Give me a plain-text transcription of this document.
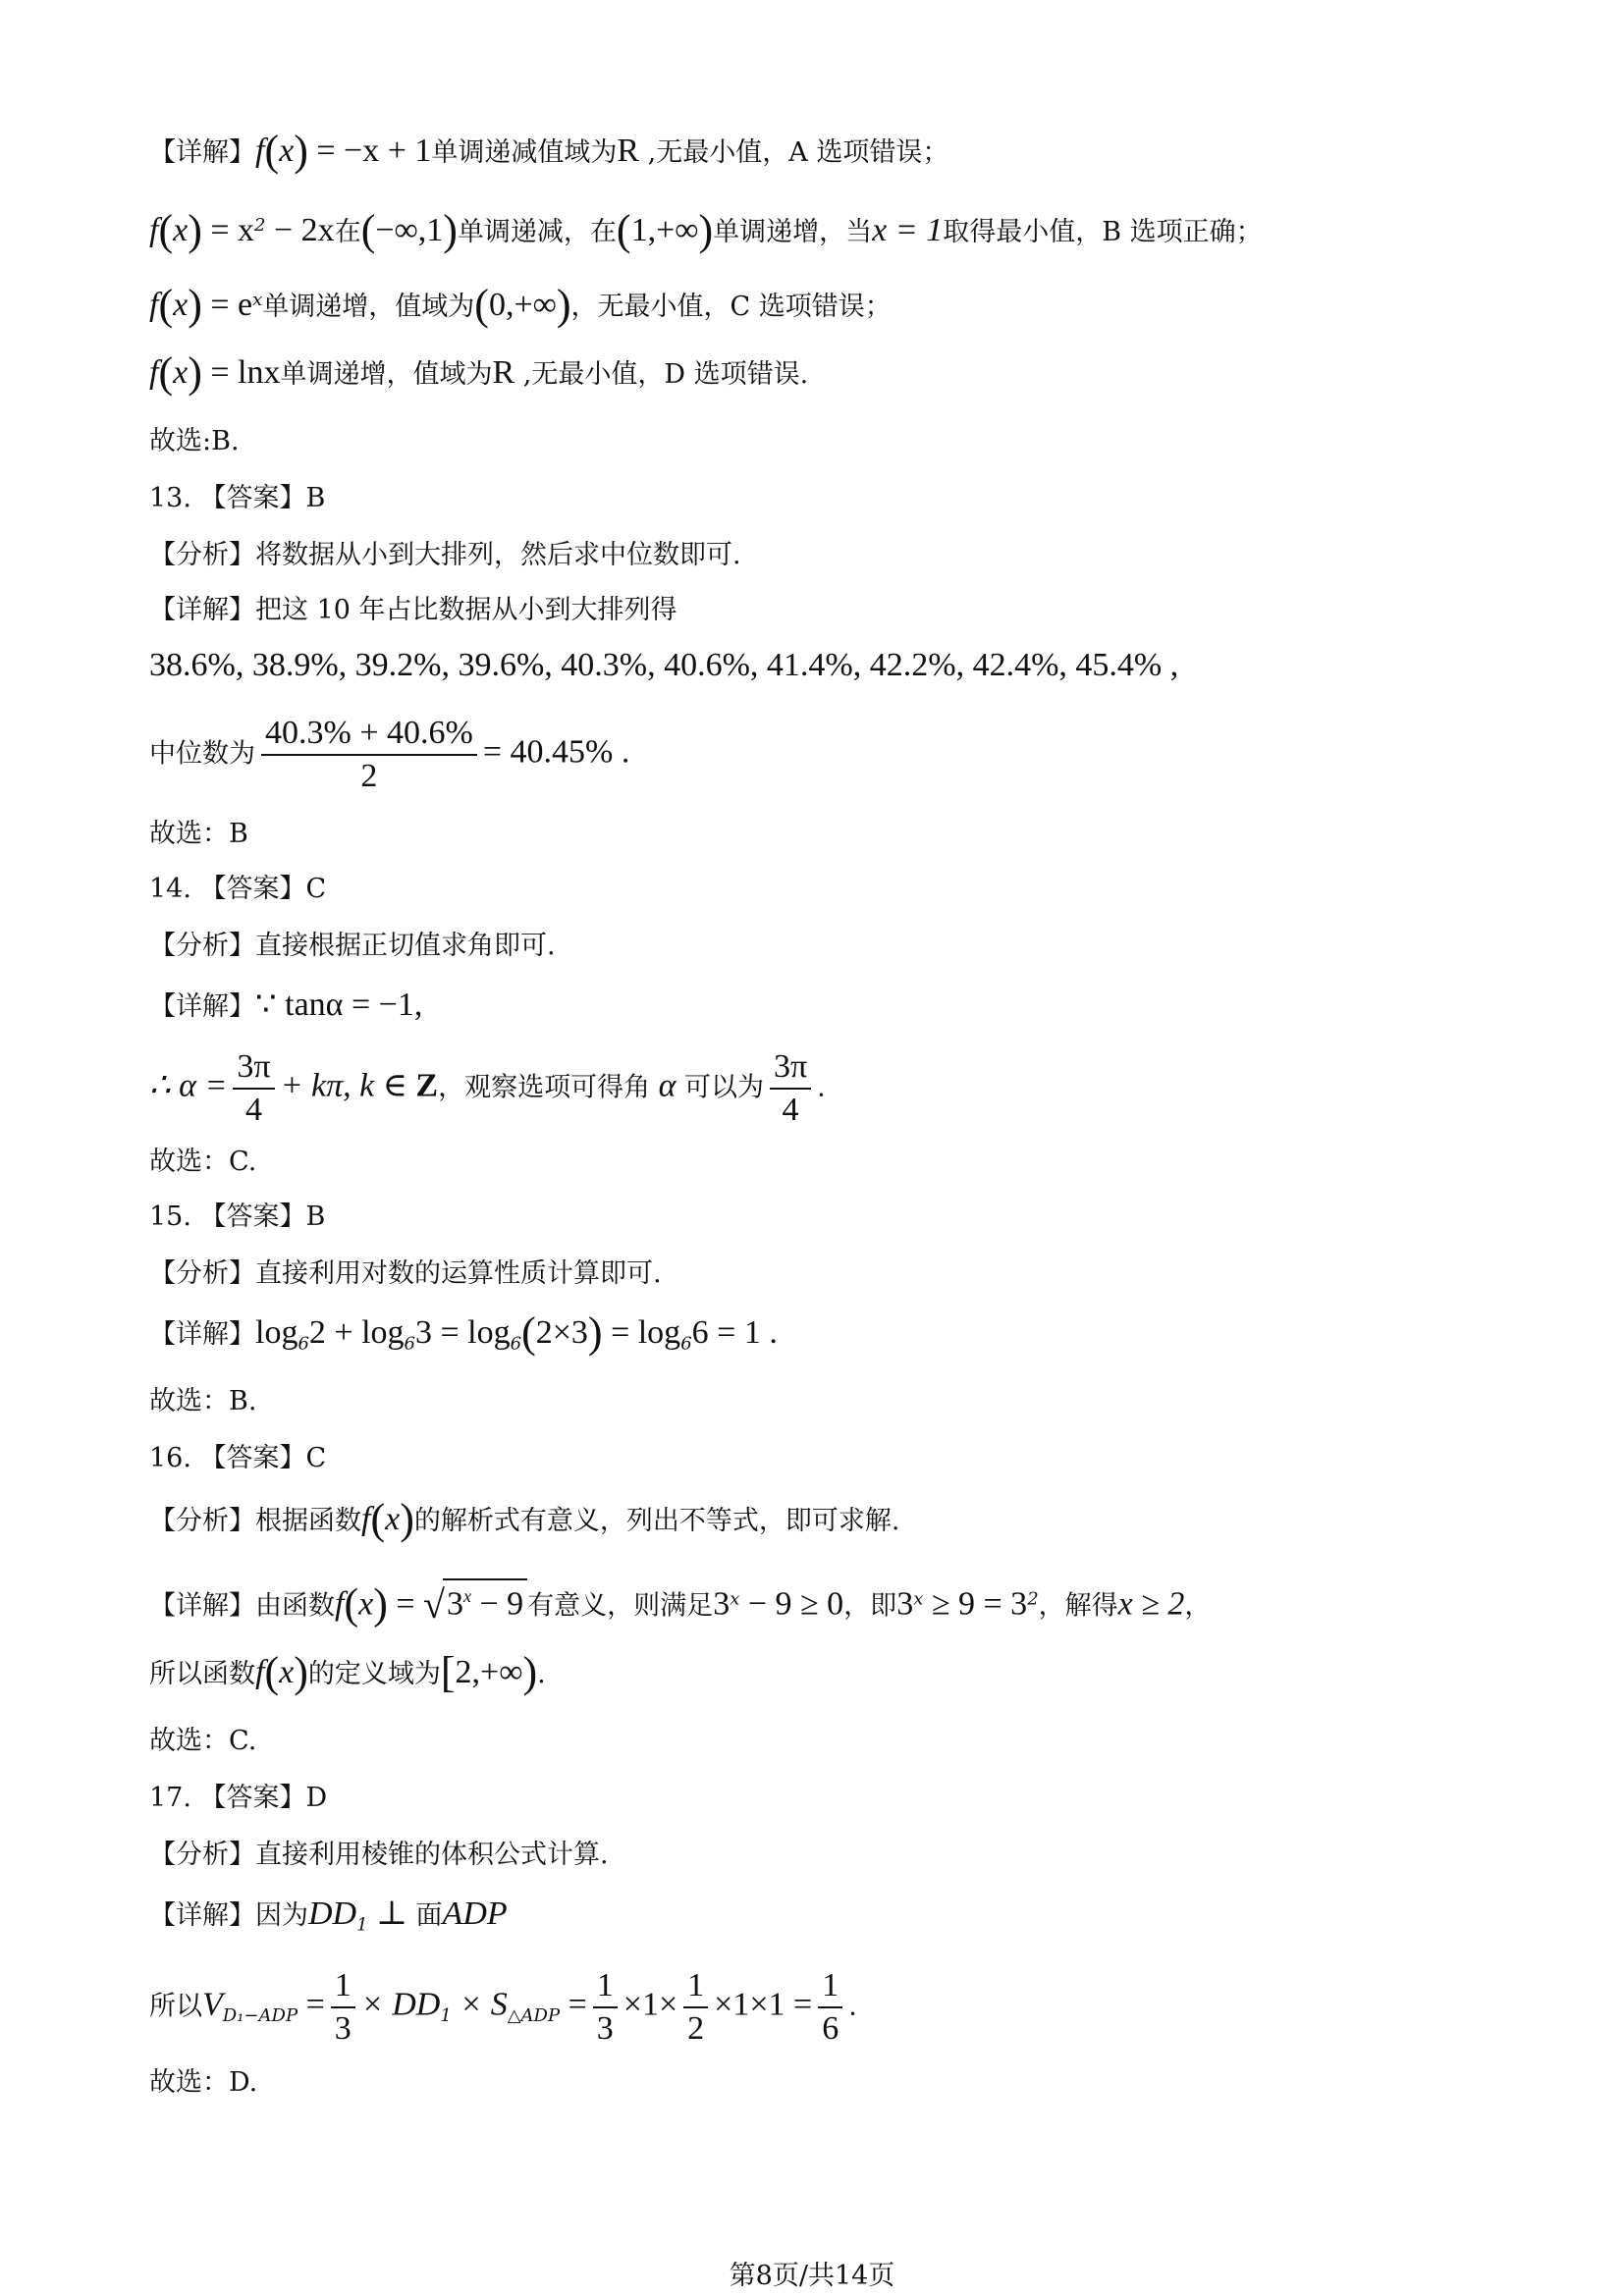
【详解】f(x) = −x + 1单调递减值域为R ,无最小值，A 选项错误；
$f(x) = x^2 - 2x$在(−∞,1)单调递减，在(1,+∞)单调递增，当x = 1取得最小值，B 选项正确；
$f(x) = e^x$单调递增，值域为(0,+∞)，无最小值，C 选项错误；
f(x) = lnx单调递增，值域为R ,无最小值，D 选项错误.
故选:B.
13. 【答案】B
【分析】将数据从小到大排列，然后求中位数即可.
【详解】把这 10 年占比数据从小到大排列得
38.6%, 38.9%, 39.2%, 39.6%, 40.3%, 40.6%, 41.4%, 42.2%, 42.4%, 45.4% ,
中位数为 $\frac{40.3\% + 40.6\%}{2} = 40.45\%$ .
故选：B
14. 【答案】C
【分析】直接根据正切值求角即可.
【详解】∵ tanα = −1,
∴ $\alpha = \frac{3\pi}{4} + k\pi$, k ∈ Z，观察选项可得角 α 可以为 $\frac{3\pi}{4}$ .
故选：C.
15. 【答案】B
【分析】直接利用对数的运算性质计算即可.
【详解】$\log_62 + \log_63 = \log_6(2\times 3) = \log_66 = 1$ .
故选：B.
16. 【答案】C
【分析】根据函数f(x)的解析式有意义，列出不等式，即可求解.
【详解】由函数$f(x) = √3^x - 9$ 有意义，则满足$3^x - 9 \ge 0$，即$3^x \ge 9 = 3^2$，解得x ≥ 2，
所以函数f(x)的定义域为[2,+∞).
故选：C.
17. 【答案】D
【分析】直接利用棱锥的体积公式计算.
【详解】因为$DD_1$ ⊥ 面ADP
所以$V_{D_1-ADP} = \frac{1}{3} \times DD_1 \times S_{\triangle ADP} = \frac{1}{3} \times 1\times \frac{1}{2} \times 1\times 1 = \frac{1}{6}$ .
故选：D.
第8页/共14页
